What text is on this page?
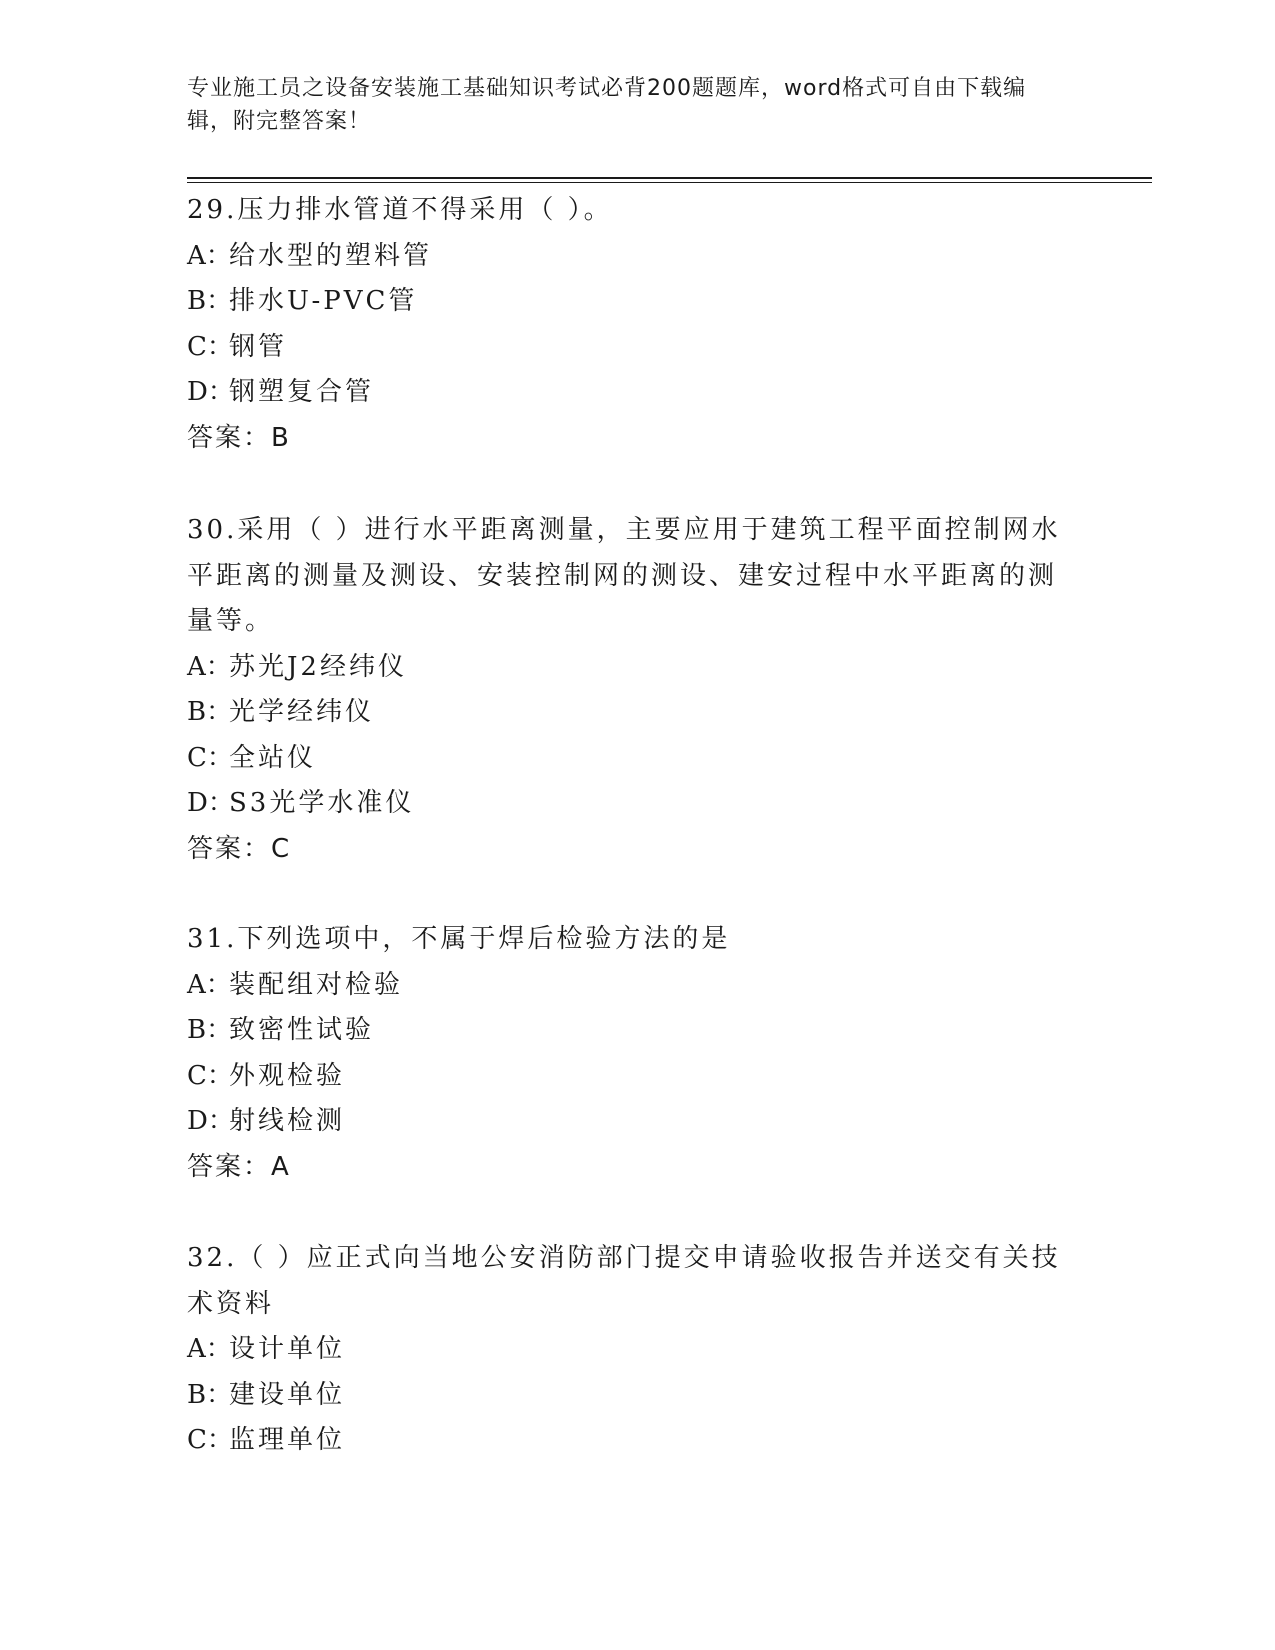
专业施工员之设备安装施工基础知识考试必背200题题库，word格式可自由下载编辑，附完整答案！

29.压力排水管道不得采用（ ）。

A：给水型的塑料管
B：排水U-PVC管
C：钢管
D：钢塑复合管
答案：B

30.采用（ ）进行水平距离测量，主要应用于建筑工程平面控制网水平距离的测量及测设、安装控制网的测设、建安过程中水平距离的测量等。

A：苏光J2经纬仪
B：光学经纬仪
C：全站仪
D：S3光学水准仪
答案：C

31.下列选项中，不属于焊后检验方法的是

A：装配组对检验
B：致密性试验
C：外观检验
D：射线检测
答案：A

32.（ ）应正式向当地公安消防部门提交申请验收报告并送交有关技术资料

A：设计单位
B：建设单位
C：监理单位
